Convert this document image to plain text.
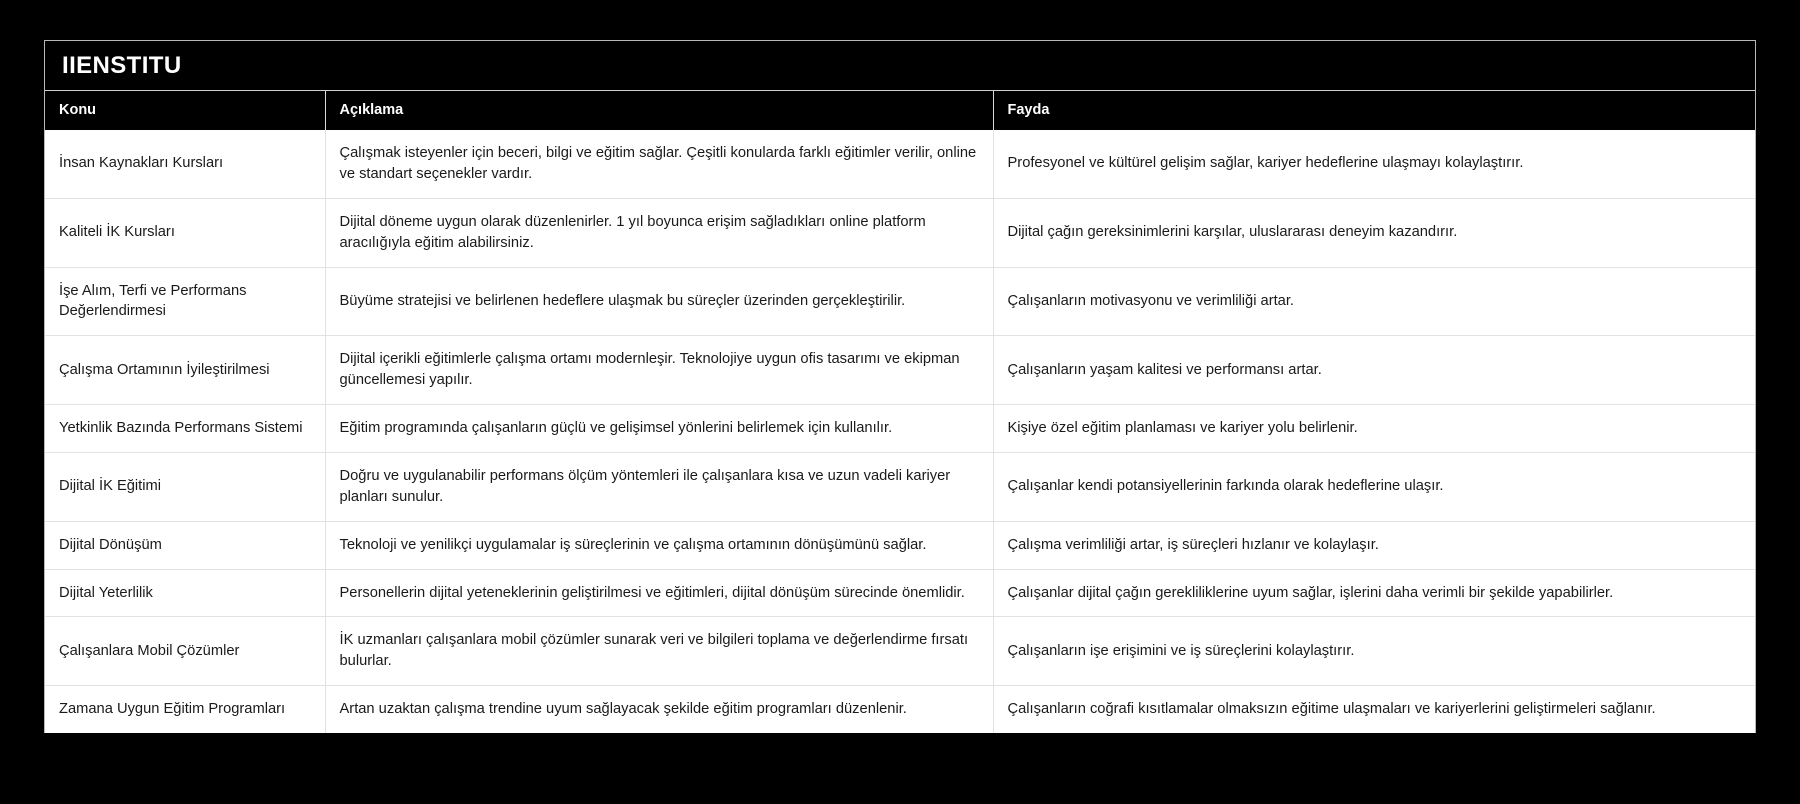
IIENSTITU
Konu	Açıklama	Fayda
İnsan Kaynakları Kursları	Çalışmak isteyenler için beceri, bilgi ve eğitim sağlar. Çeşitli konularda farklı eğitimler verilir, online ve standart seçenekler vardır.	Profesyonel ve kültürel gelişim sağlar, kariyer hedeflerine ulaşmayı kolaylaştırır.
Kaliteli İK Kursları	Dijital döneme uygun olarak düzenlenirler. 1 yıl boyunca erişim sağladıkları online platform aracılığıyla eğitim alabilirsiniz.	Dijital çağın gereksinimlerini karşılar, uluslararası deneyim kazandırır.
İşe Alım, Terfi ve Performans Değerlendirmesi	Büyüme stratejisi ve belirlenen hedeflere ulaşmak bu süreçler üzerinden gerçekleştirilir.	Çalışanların motivasyonu ve verimliliği artar.
Çalışma Ortamının İyileştirilmesi	Dijital içerikli eğitimlerle çalışma ortamı modernleşir. Teknolojiye uygun ofis tasarımı ve ekipman güncellemesi yapılır.	Çalışanların yaşam kalitesi ve performansı artar.
Yetkinlik Bazında Performans Sistemi	Eğitim programında çalışanların güçlü ve gelişimsel yönlerini belirlemek için kullanılır.	Kişiye özel eğitim planlaması ve kariyer yolu belirlenir.
Dijital İK Eğitimi	Doğru ve uygulanabilir performans ölçüm yöntemleri ile çalışanlara kısa ve uzun vadeli kariyer planları sunulur.	Çalışanlar kendi potansiyellerinin farkında olarak hedeflerine ulaşır.
Dijital Dönüşüm	Teknoloji ve yenilikçi uygulamalar iş süreçlerinin ve çalışma ortamının dönüşümünü sağlar.	Çalışma verimliliği artar, iş süreçleri hızlanır ve kolaylaşır.
Dijital Yeterlilik	Personellerin dijital yeteneklerinin geliştirilmesi ve eğitimleri, dijital dönüşüm sürecinde önemlidir.	Çalışanlar dijital çağın gerekliliklerine uyum sağlar, işlerini daha verimli bir şekilde yapabilirler.
Çalışanlara Mobil Çözümler	İK uzmanları çalışanlara mobil çözümler sunarak veri ve bilgileri toplama ve değerlendirme fırsatı bulurlar.	Çalışanların işe erişimini ve iş süreçlerini kolaylaştırır.
Zamana Uygun Eğitim Programları	Artan uzaktan çalışma trendine uyum sağlayacak şekilde eğitim programları düzenlenir.	Çalışanların coğrafi kısıtlamalar olmaksızın eğitime ulaşmaları ve kariyerlerini geliştirmeleri sağlanır.
